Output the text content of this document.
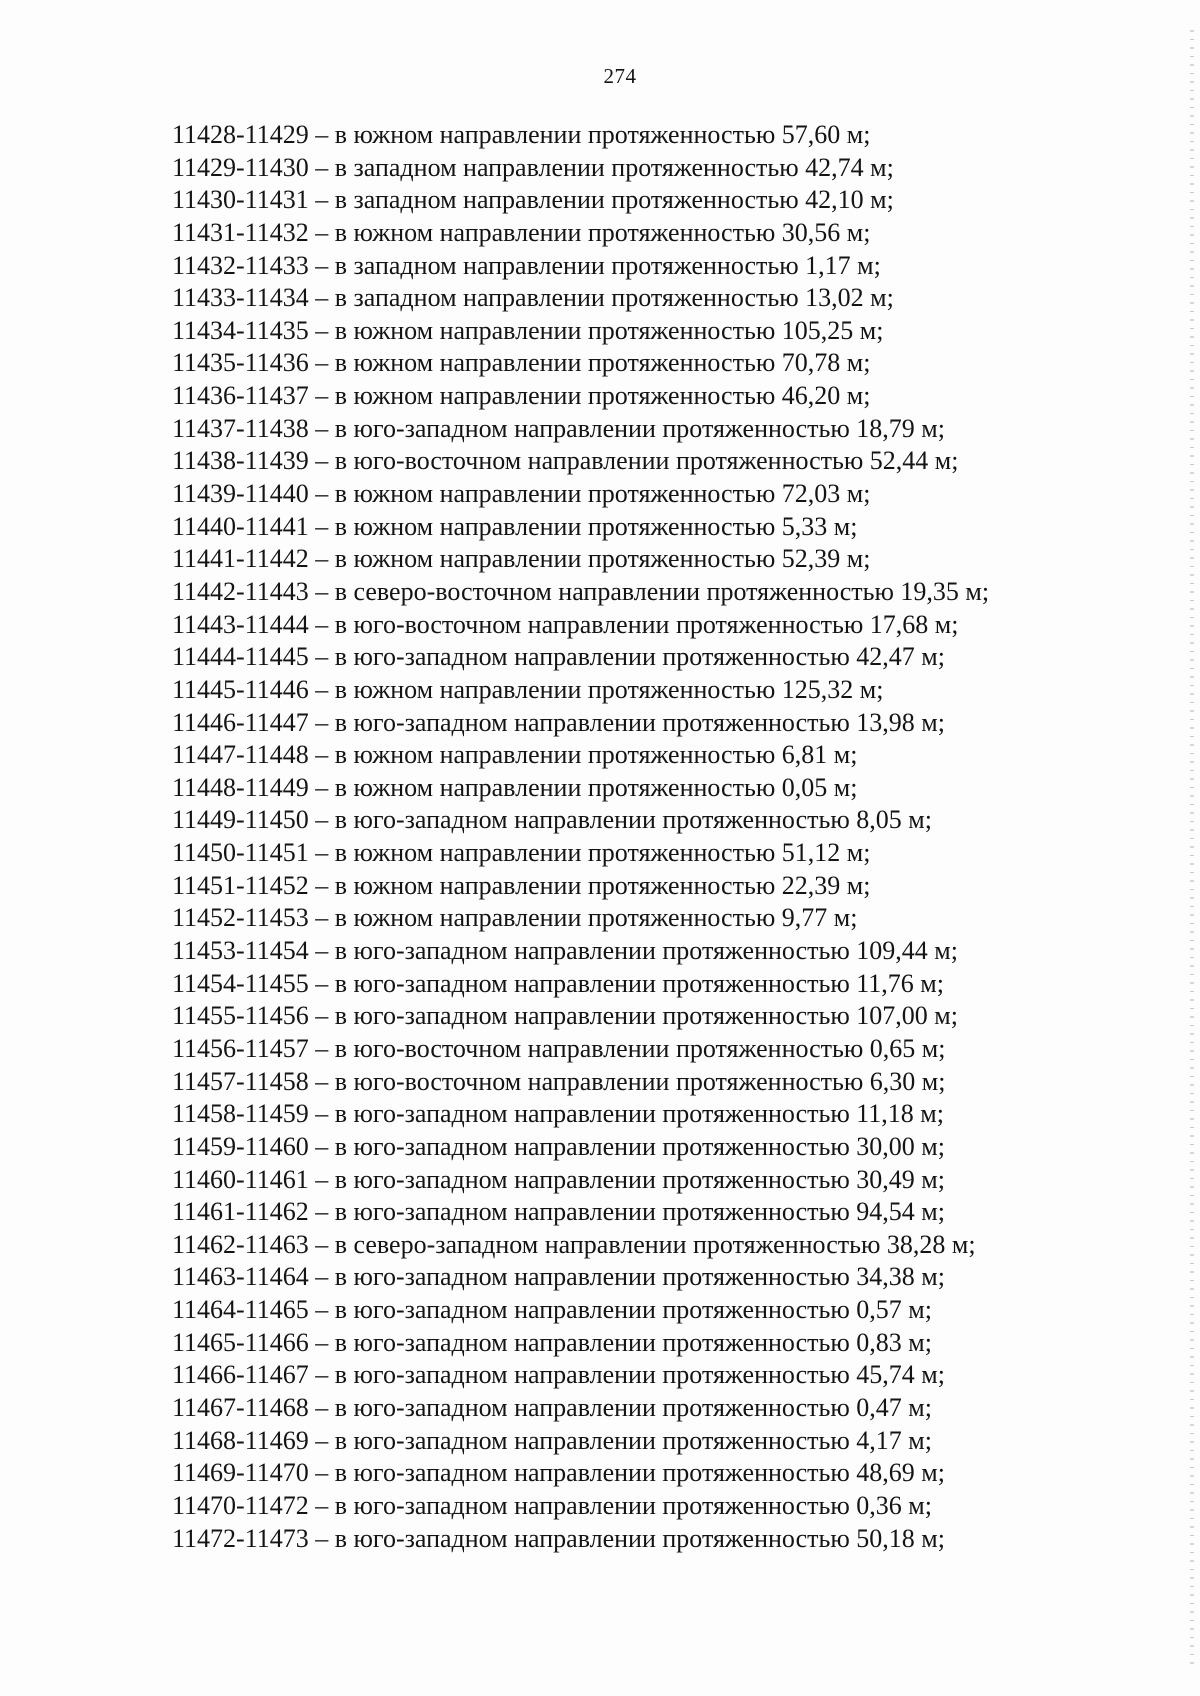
274
11428-11429 – в южном направлении протяженностью 57,60 м;
11429-11430 – в западном направлении протяженностью 42,74 м;
11430-11431 – в западном направлении протяженностью 42,10 м;
11431-11432 – в южном направлении протяженностью 30,56 м;
11432-11433 – в западном направлении протяженностью 1,17 м;
11433-11434 – в западном направлении протяженностью 13,02 м;
11434-11435 – в южном направлении протяженностью 105,25 м;
11435-11436 – в южном направлении протяженностью 70,78 м;
11436-11437 – в южном направлении протяженностью 46,20 м;
11437-11438 – в юго-западном направлении протяженностью 18,79 м;
11438-11439 – в юго-восточном направлении протяженностью 52,44 м;
11439-11440 – в южном направлении протяженностью 72,03 м;
11440-11441 – в южном направлении протяженностью 5,33 м;
11441-11442 – в южном направлении протяженностью 52,39 м;
11442-11443 – в северо-восточном направлении протяженностью 19,35 м;
11443-11444 – в юго-восточном направлении протяженностью 17,68 м;
11444-11445 – в юго-западном направлении протяженностью 42,47 м;
11445-11446 – в южном направлении протяженностью 125,32 м;
11446-11447 – в юго-западном направлении протяженностью 13,98 м;
11447-11448 – в южном направлении протяженностью 6,81 м;
11448-11449 – в южном направлении протяженностью 0,05 м;
11449-11450 – в юго-западном направлении протяженностью 8,05 м;
11450-11451 – в южном направлении протяженностью 51,12 м;
11451-11452 – в южном направлении протяженностью 22,39 м;
11452-11453 – в южном направлении протяженностью 9,77 м;
11453-11454 – в юго-западном направлении протяженностью 109,44 м;
11454-11455 – в юго-западном направлении протяженностью 11,76 м;
11455-11456 – в юго-западном направлении протяженностью 107,00 м;
11456-11457 – в юго-восточном направлении протяженностью 0,65 м;
11457-11458 – в юго-восточном направлении протяженностью 6,30 м;
11458-11459 – в юго-западном направлении протяженностью 11,18 м;
11459-11460 – в юго-западном направлении протяженностью 30,00 м;
11460-11461 – в юго-западном направлении протяженностью 30,49 м;
11461-11462 – в юго-западном направлении протяженностью 94,54 м;
11462-11463 – в северо-западном направлении протяженностью 38,28 м;
11463-11464 – в юго-западном направлении протяженностью 34,38 м;
11464-11465 – в юго-западном направлении протяженностью 0,57 м;
11465-11466 – в юго-западном направлении протяженностью 0,83 м;
11466-11467 – в юго-западном направлении протяженностью 45,74 м;
11467-11468 – в юго-западном направлении протяженностью 0,47 м;
11468-11469 – в юго-западном направлении протяженностью 4,17 м;
11469-11470 – в юго-западном направлении протяженностью 48,69 м;
11470-11472 – в юго-западном направлении протяженностью 0,36 м;
11472-11473 – в юго-западном направлении протяженностью 50,18 м;
